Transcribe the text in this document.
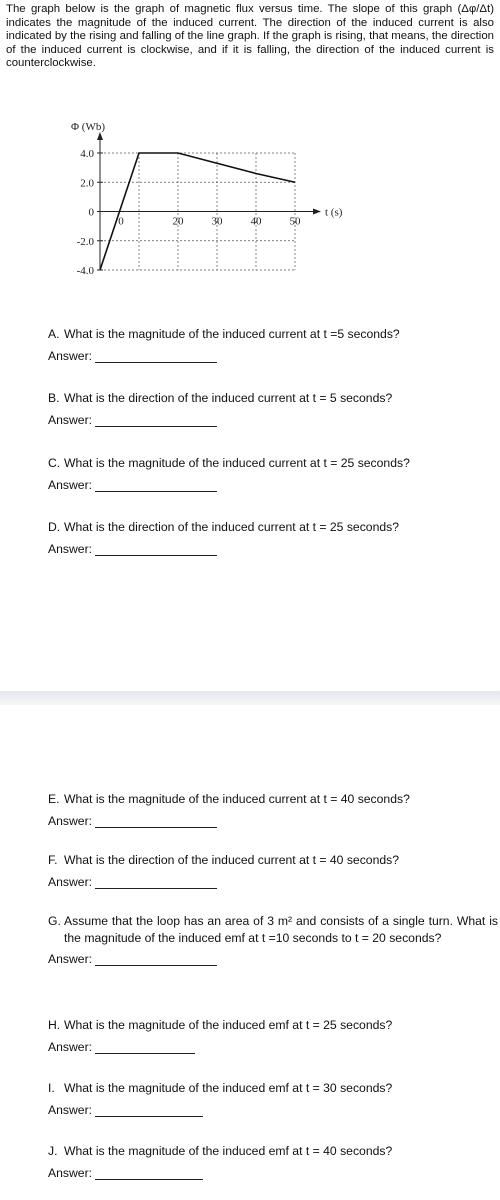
The graph below is the graph of magnetic flux versus time. The slope of this graph (Δφ/Δt) indicates the magnitude of the induced current. The direction of the induced current is also indicated by the rising and falling of the line graph. If the graph is rising, that means, the direction of the induced current is clockwise, and if it is falling, the direction of the induced current is counterclockwise.
4.0
2.0
0
-2.0
-4.0
0	20	30	40	50
Φ (Wb)
t (s)
A. What is the magnitude of the induced current at t =5 seconds?
Answer:
B. What is the direction of the induced current at t = 5 seconds?
Answer:
C. What is the magnitude of the induced current at t = 25 seconds?
Answer:
D. What is the direction of the induced current at t = 25 seconds?
Answer:
E. What is the magnitude of the induced current at t = 40 seconds?
Answer:
F. What is the direction of the induced current at t = 40 seconds?
Answer:
G. Assume that the loop has an area of 3 m² and consists of a single turn. What is the magnitude of the induced emf at t =10 seconds to t = 20 seconds?
Answer:
H. What is the magnitude of the induced emf at t = 25 seconds?
Answer:
I. What is the magnitude of the induced emf at t = 30 seconds?
Answer:
J. What is the magnitude of the induced emf at t = 40 seconds?
Answer:
